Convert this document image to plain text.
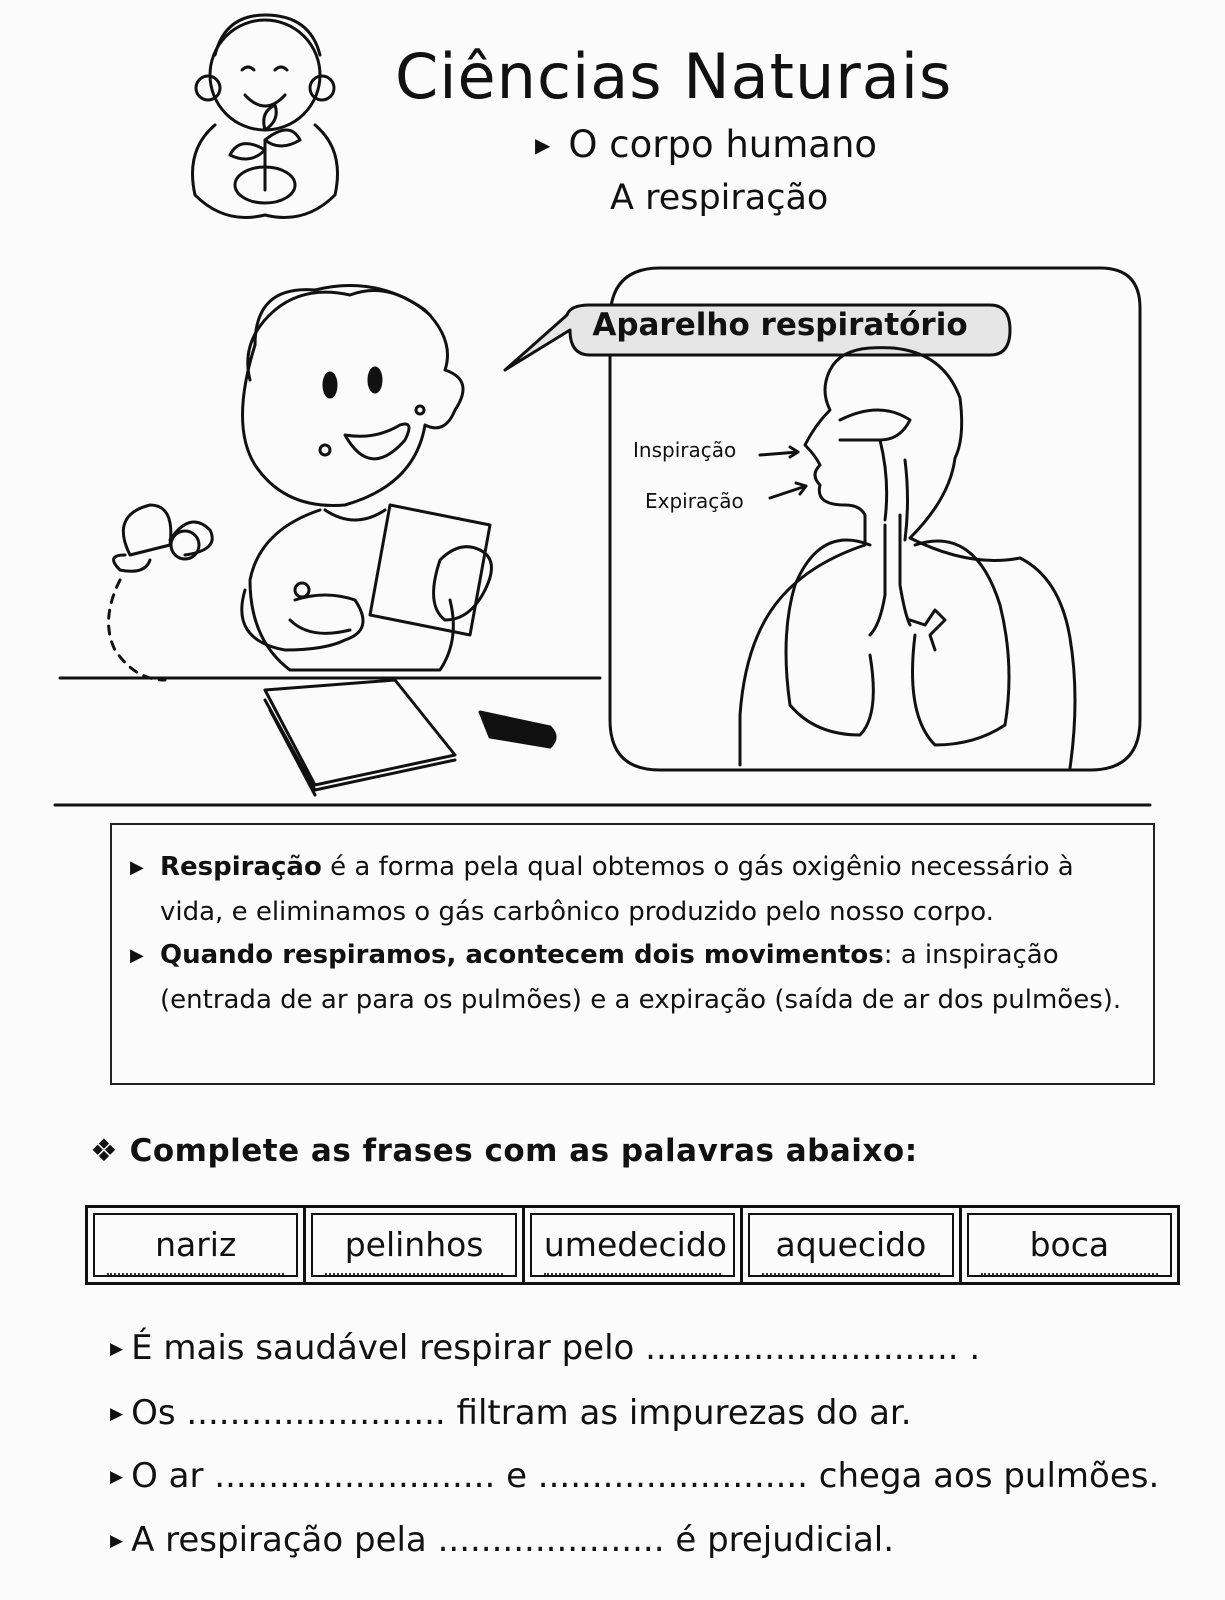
Ciências Naturais
▶ O corpo humano
A respiração
Aparelho respiratório
Inspiração
Expiração
▶ Respiração é a forma pela qual obtemos o gás oxigênio necessário à vida, e eliminamos o gás carbônico produzido pelo nosso corpo.
▶ Quando respiramos, acontecem dois movimentos: a inspiração (entrada de ar para os pulmões) e a expiração (saída de ar dos pulmões).
❖ Complete as frases com as palavras abaixo:
nariz	pelinhos	umedecido	aquecido	boca
▶ É mais saudável respirar pelo ............................. .
▶ Os ........................ filtram as impurezas do ar.
▶ O ar .......................... e ......................... chega aos pulmões.
▶ A respiração pela ..................... é prejudicial.
